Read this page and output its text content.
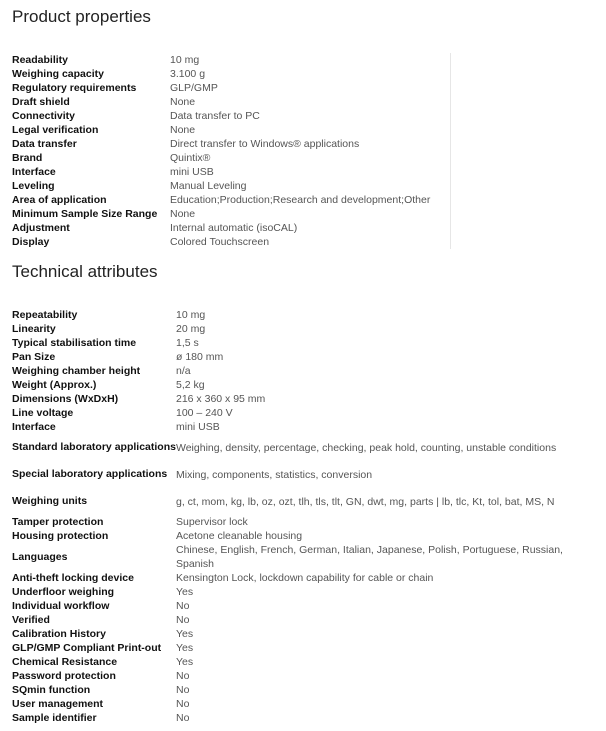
Product properties
Readability	10 mg
Weighing capacity	3.100 g
Regulatory requirements	GLP/GMP
Draft shield	None
Connectivity	Data transfer to PC
Legal verification	None
Data transfer	Direct transfer to Windows® applications
Brand	Quintix®
Interface	mini USB
Leveling	Manual Leveling
Area of application	Education;Production;Research and development;Other
Minimum Sample Size Range	None
Adjustment	Internal automatic (isoCAL)
Display	Colored Touchscreen
Technical attributes
Repeatability	10 mg
Linearity	20 mg
Typical stabilisation time	1,5 s
Pan Size	ø 180 mm
Weighing chamber height	n/a
Weight (Approx.)	5,2 kg
Dimensions (WxDxH)	216 x 360 x 95 mm
Line voltage	100 – 240 V
Interface	mini USB
Standard laboratory applications	Weighing, density, percentage, checking, peak hold, counting, unstable conditions
Special laboratory applications	Mixing, components, statistics, conversion
Weighing units	g, ct, mom, kg, lb, oz, ozt, tlh, tls, tlt, GN, dwt, mg, parts | lb, tlc, Kt, tol, bat, MS, N
Tamper protection	Supervisor lock
Housing protection	Acetone cleanable housing
Languages	Chinese, English, French, German, Italian, Japanese, Polish, Portuguese, Russian, Spanish
Anti-theft locking device	Kensington Lock, lockdown capability for cable or chain
Underfloor weighing	Yes
Individual workflow	No
Verified	No
Calibration History	Yes
GLP/GMP Compliant Print-out	Yes
Chemical Resistance	Yes
Password protection	No
SQmin function	No
User management	No
Sample identifier	No
